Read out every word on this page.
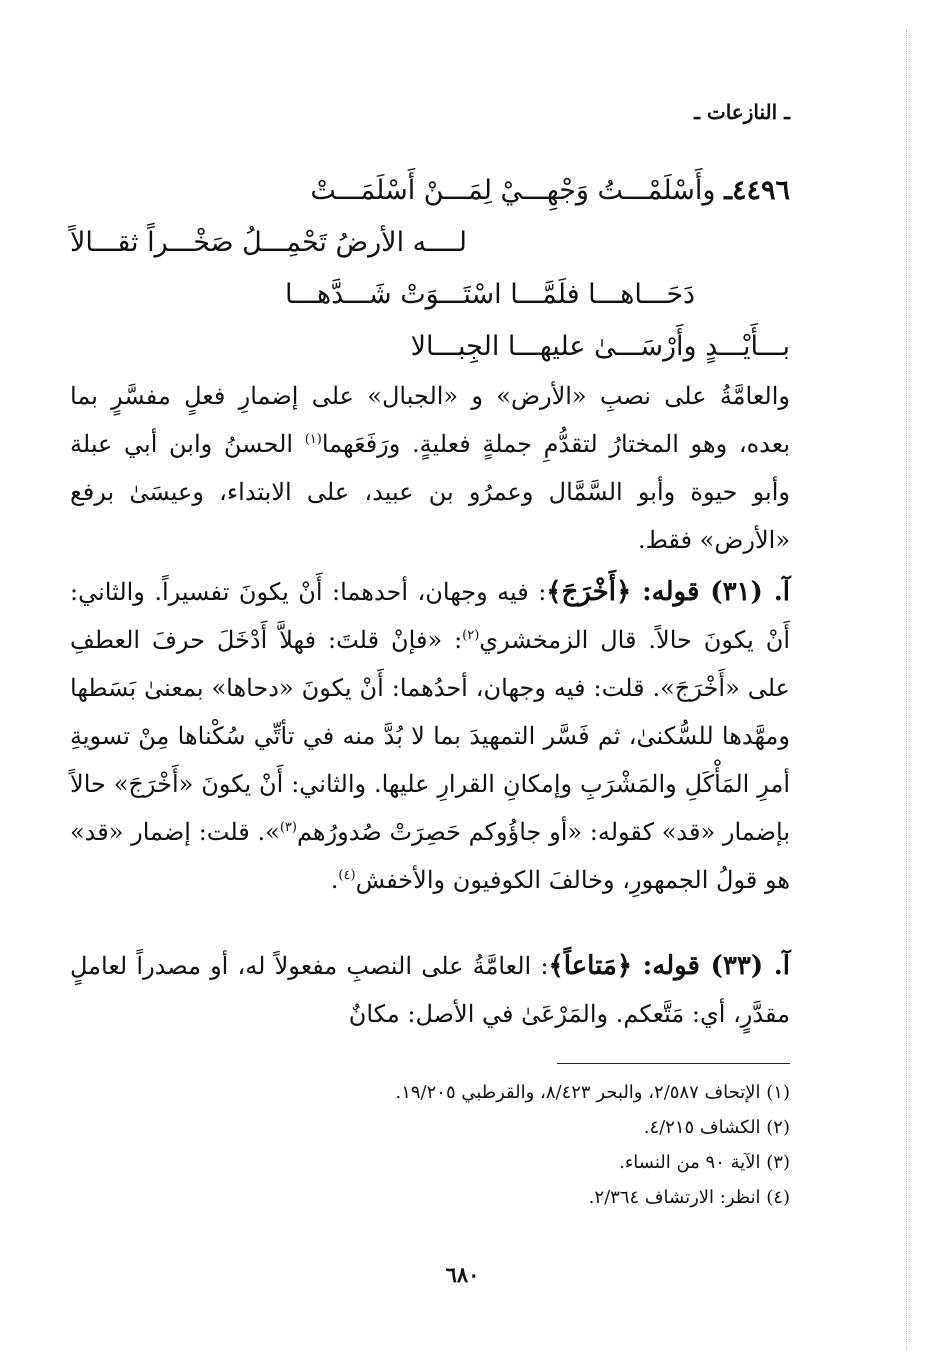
ـ النازعات ـ
٤٤٩٦ـ وأَسْلَمْـــتُ وَجْهِـــيْ لِمَـــنْ أَسْلَمَـــتْ
لــــه الأرضُ تَحْمِـــلُ صَخْـــراً ثقـــالاً
دَحَـــاهـــا فلَمَّـــا اسْتَـــوَتْ شَـــدَّهـــا
بـــأَيْـــدٍ وأَرْسَـــىٰ عليهـــا الجِبـــالا
والعامَّةُ على نصبِ «الأرض» و «الجبال» على إضمارِ فعلٍ مفسَّرٍ بما بعده، وهو المختارُ لتقدُّمِ جملةٍ فعليةٍ. ورَفَعَهما$^{(١)}$ الحسنُ وابن أبي عبلة وأبو حيوة وأبو السَّمَّال وعمرُو بن عبيد، على الابتداء، وعيسَىٰ برفع «الأرض» فقط.
آ. (٣١) قوله: ﴿أَخْرَجَ﴾: فيه وجهان، أحدهما: أَنْ يكونَ تفسيراً. والثاني: أَنْ يكونَ حالاً. قال الزمخشري$^{(٢)}$: «فإنْ قلتَ: فهلاَّ أَدْخَلَ حرفَ العطفِ على «أَخْرَجَ». قلت: فيه وجهان، أحدُهما: أَنْ يكونَ «دحاها» بمعنىٰ بَسَطها ومهَّدها للسُّكنىٰ، ثم فَسَّر التمهيدَ بما لا بُدَّ منه في تأتِّي سُكْناها مِنْ تسويةِ أمرِ المَأْكَلِ والمَشْرَبِ وإمكانِ القرارِ عليها. والثاني: أَنْ يكونَ «أَخْرَجَ» حالاً بإضمار «قد» كقوله: «أو جاؤُوكم حَصِرَتْ صُدورُهم$^{(٣)}$». قلت: إضمار «قد» هو قولُ الجمهورِ، وخالفَ الكوفيون والأخفش$^{(٤)}$.
آ. (٣٣) قوله: ﴿مَتاعاً﴾: العامَّةُ على النصبِ مفعولاً له، أو مصدراً لعاملٍ مقدَّرٍ، أي: مَتَّعكم. والمَرْعَىٰ في الأصل: مكانٌ
(١) الإتحاف ٢/٥٨٧، والبحر ٨/٤٢٣، والقرطبي ١٩/٢٠٥.
(٢) الكشاف ٤/٢١٥.
(٣) الآية ٩٠ من النساء.
(٤) انظر: الارتشاف ٢/٣٦٤.
٦٨٠
